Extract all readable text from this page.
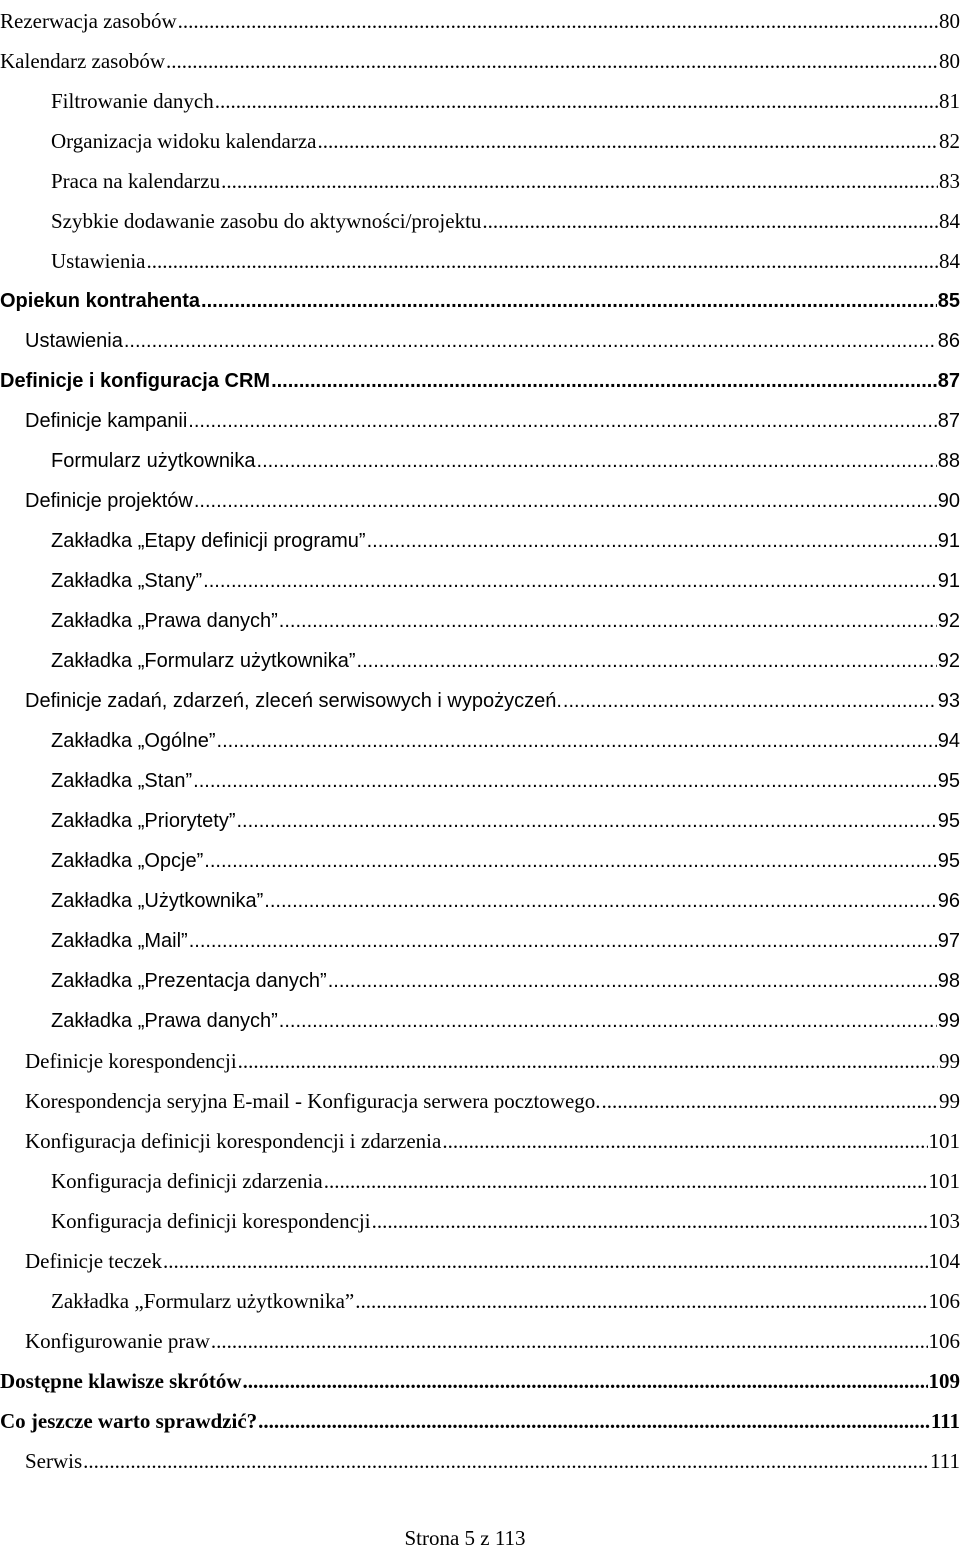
Rezerwacja zasobów .....	80
Kalendarz zasobów .....	80
Filtrowanie danych .....	81
Organizacja widoku kalendarza .....	82
Praca na kalendarzu .....	83
Szybkie dodawanie zasobu do aktywności/projektu .....	84
Ustawienia .....	84
Opiekun kontrahenta .....	85
Ustawienia .....	86
Definicje i konfiguracja CRM .....	87
Definicje kampanii .....	87
Formularz użytkownika .....	88
Definicje projektów .....	90
Zakładka „Etapy definicji programu” .....	91
Zakładka „Stany” .....	91
Zakładka „Prawa danych” .....	92
Zakładka „Formularz użytkownika” .....	92
Definicje zadań, zdarzeń, zleceń serwisowych i wypożyczeń. .....	93
Zakładka „Ogólne” .....	94
Zakładka „Stan” .....	95
Zakładka „Priorytety” .....	95
Zakładka „Opcje” .....	95
Zakładka „Użytkownika” .....	96
Zakładka „Mail” .....	97
Zakładka „Prezentacja danych” .....	98
Zakładka „Prawa danych” .....	99
Definicje korespondencji .....	99
Korespondencja seryjna E-mail - Konfiguracja serwera pocztowego. .....	99
Konfiguracja definicji korespondencji i zdarzenia .....	101
Konfiguracja definicji zdarzenia .....	101
Konfiguracja definicji korespondencji .....	103
Definicje teczek .....	104
Zakładka „Formularz użytkownika” .....	106
Konfigurowanie praw .....	106
Dostępne klawisze skrótów .....	109
Co jeszcze warto sprawdzić? .....	111
Serwis .....	111
Strona 5 z 113
